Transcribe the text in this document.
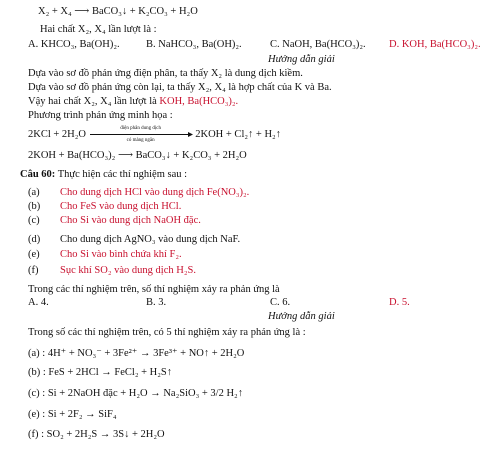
X₂ + X₄ ⟶ BaCO₃↓ + K₂CO₃ + H₂O
Hai chất X₂, X₄ lần lượt là :
A. KHCO₃, Ba(OH)₂.	B. NaHCO₃, Ba(OH)₂.	C. NaOH, Ba(HCO₃)₂. D. KOH, Ba(HCO₃)₂.
Hướng dẫn giải
Dựa vào sơ đồ phản ứng điện phân, ta thấy X₂ là dung dịch kiềm.
Dựa vào sơ đồ phản ứng còn lại, ta thấy X₂, X₄ là hợp chất của K và Ba.
Vậy hai chất X₂, X₄ lần lượt là KOH, Ba(HCO₃)₂.
Phương trình phản ứng minh họa :
2KCl + 2H₂O
điện phân dung dịch
có màng ngăn
2KOH + Cl₂↑ + H₂↑
2KOH + Ba(HCO₃)₂ ⟶ BaCO₃↓ + K₂CO₃ + 2H₂O
Câu 60: Thực hiện các thí nghiệm sau :
(a) Cho dung dịch HCl vào dung dịch Fe(NO₃)₂.
(b) Cho FeS vào dung dịch HCl.
(c) Cho Si vào dung dịch NaOH đặc.
(d) Cho dung dịch AgNO₃ vào dung dịch NaF.
(e) Cho Si vào bình chứa khí F₂.
(f) Sục khí SO₂ vào dung dịch H₂S.
Trong các thí nghiệm trên, số thí nghiệm xảy ra phản ứng là
A. 4.	B. 3.	C. 6.	D. 5.
Hướng dẫn giải
Trong số các thí nghiệm trên, có 5 thí nghiệm xảy ra phản ứng là :
(a) : 4H⁺ + NO₃⁻ + 3Fe²⁺ → 3Fe³⁺ + NO↑ + 2H₂O
(b) : FeS + 2HCl → FeCl₂ + H₂S↑
(c) : Si + 2NaOH đặc + H₂O → Na₂SiO₃ + 3/2 H₂↑
(e) : Si + 2F₂ → SiF₄
(f) : SO₂ + 2H₂S → 3S↓ + 2H₂O
